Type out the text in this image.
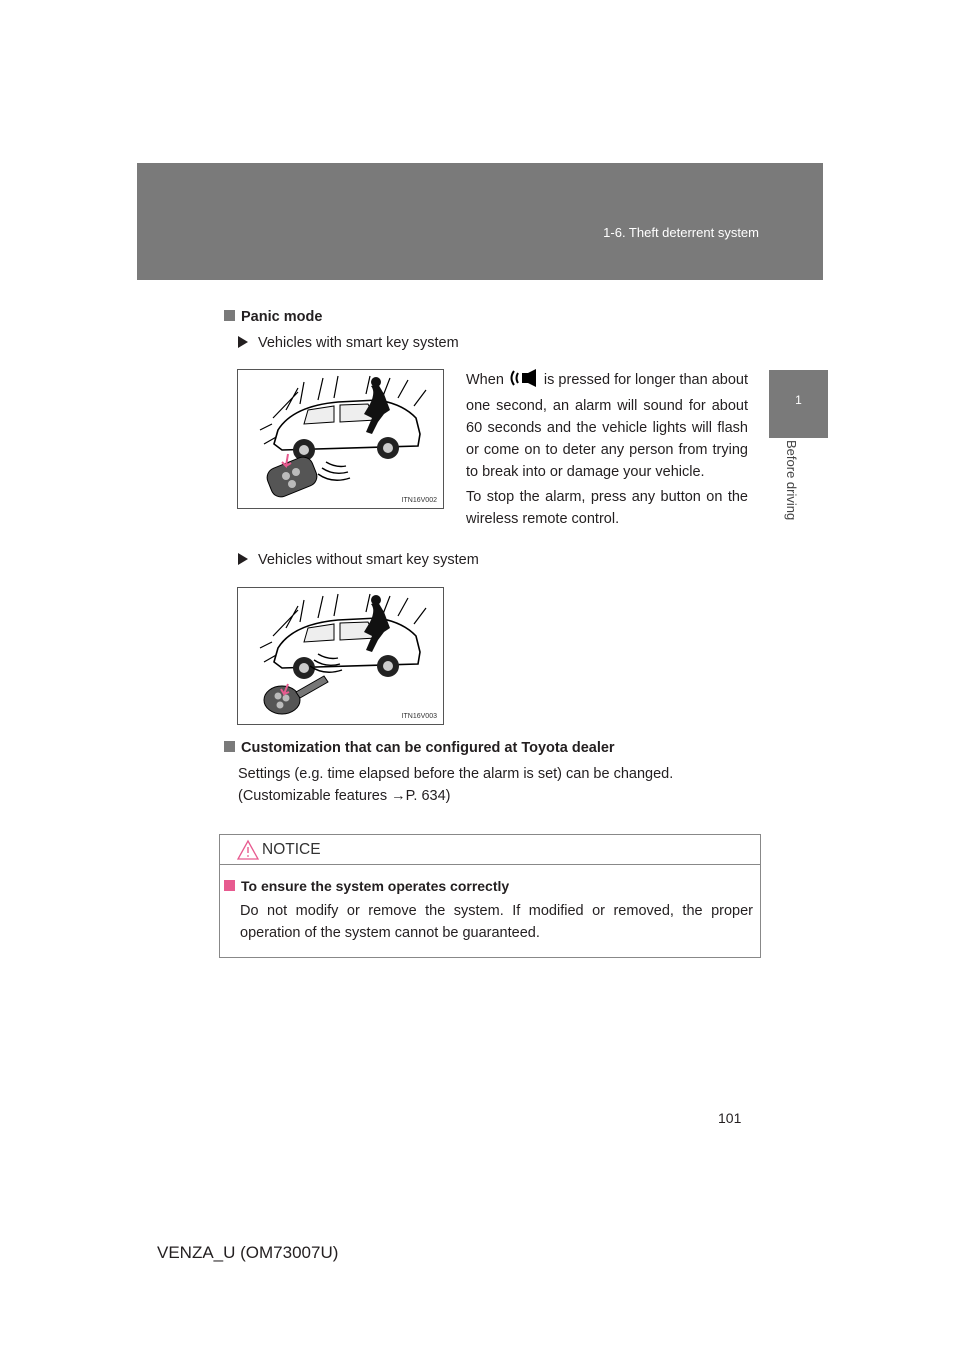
1-6. Theft deterrent system
1
Before driving
Panic mode
Vehicles with smart key system
ITN16V002
When	is pressed for longer than about one second, an alarm will sound for about 60 seconds and the vehicle lights will flash or come on to deter any person from trying to break into or damage your vehicle.
To stop the alarm, press any button on the wireless remote control.
Vehicles without smart key system
ITN16V003
Customization that can be configured at Toyota dealer
Settings (e.g. time elapsed before the alarm is set) can be changed.
(Customizable features →P. 634)
NOTICE
To ensure the system operates correctly
Do not modify or remove the system. If modified or removed, the proper operation of the system cannot be guaranteed.
101
VENZA_U (OM73007U)
